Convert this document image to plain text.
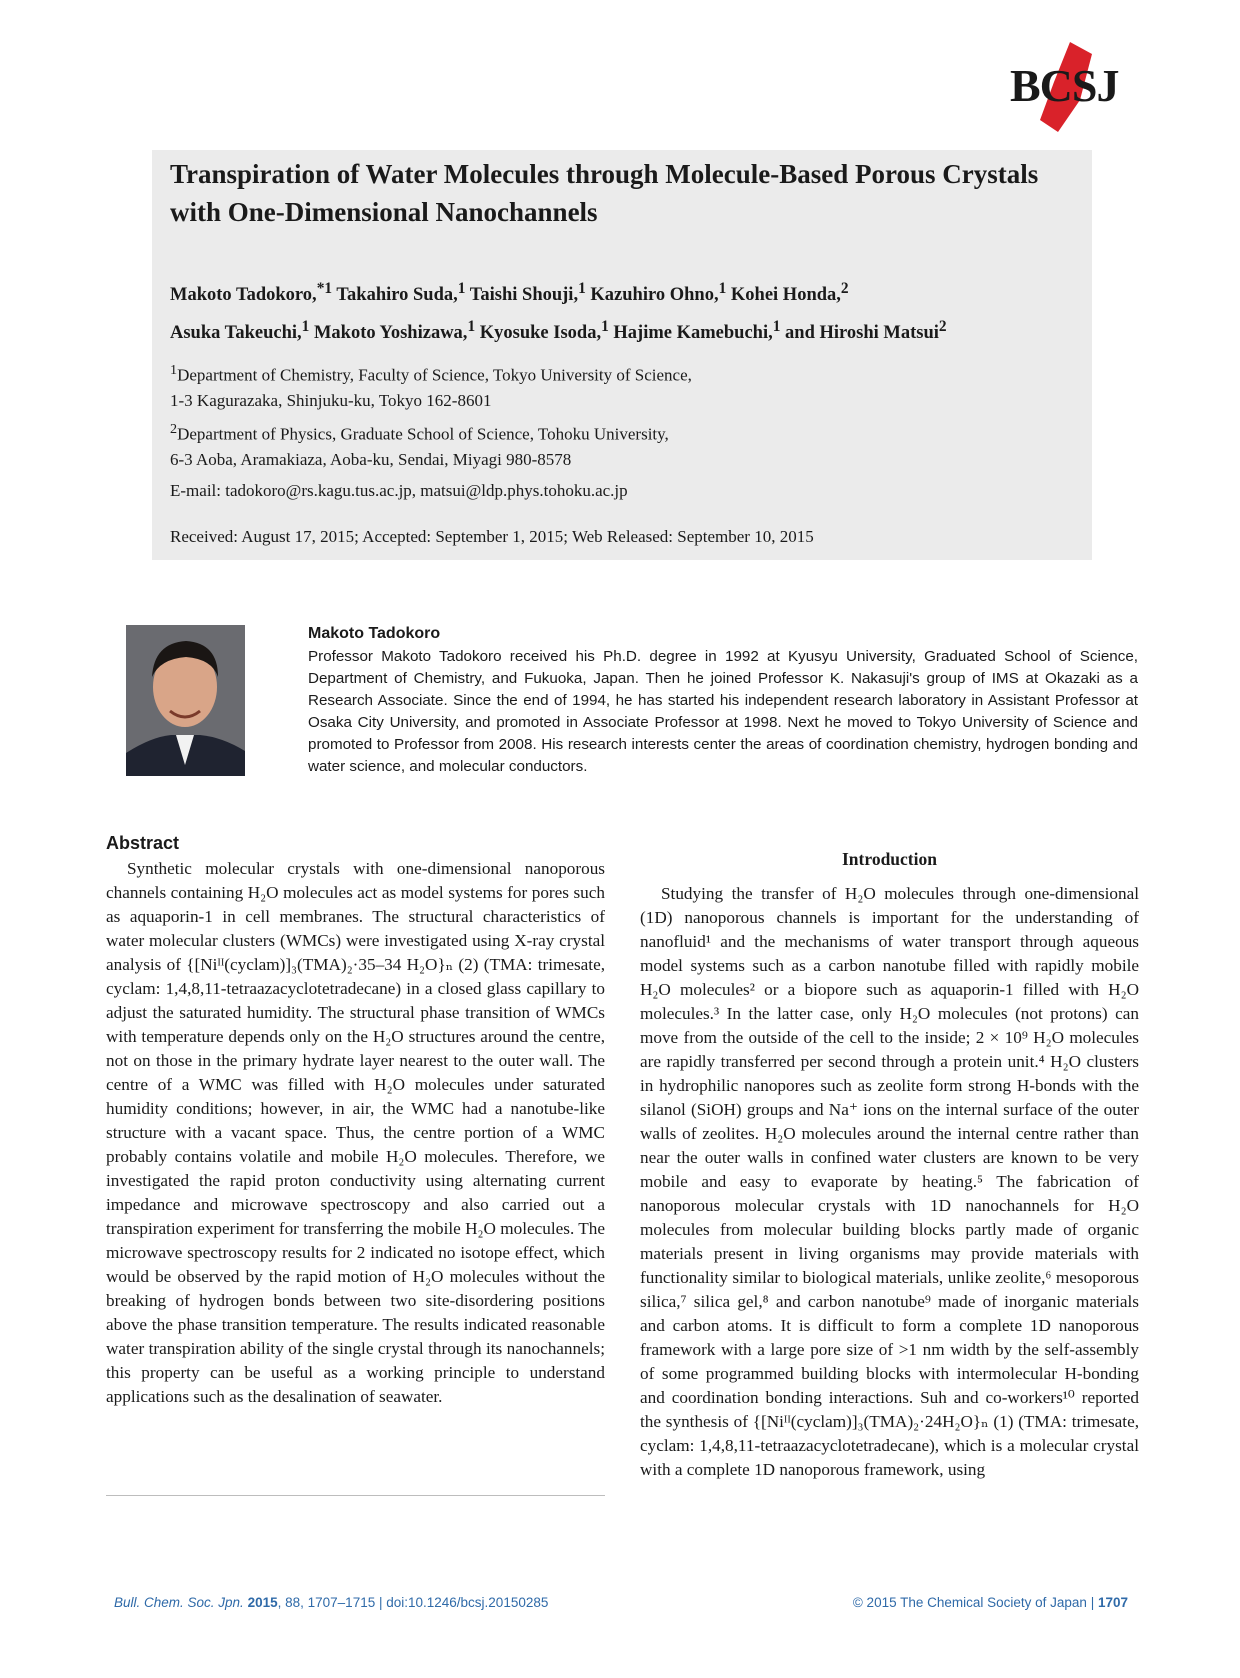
BCSJ
Transpiration of Water Molecules through Molecule-Based Porous Crystals with One-Dimensional Nanochannels
Makoto Tadokoro,$^{*1}$ Takahiro Suda,$^1$ Taishi Shouji,$^1$ Kazuhiro Ohno,$^1$ Kohei Honda,$^2$
Asuka Takeuchi,$^1$ Makoto Yoshizawa,$^1$ Kyosuke Isoda,$^1$ Hajime Kamebuchi,$^1$ and Hiroshi Matsui$^2$
$^1$Department of Chemistry, Faculty of Science, Tokyo University of Science,
1-3 Kagurazaka, Shinjuku-ku, Tokyo 162-8601
$^2$Department of Physics, Graduate School of Science, Tohoku University,
6-3 Aoba, Aramakiaza, Aoba-ku, Sendai, Miyagi 980-8578
E-mail: tadokoro@rs.kagu.tus.ac.jp, matsui@ldp.phys.tohoku.ac.jp
Received: August 17, 2015; Accepted: September 1, 2015; Web Released: September 10, 2015
Makoto Tadokoro
Professor Makoto Tadokoro received his Ph.D. degree in 1992 at Kyusyu University, Graduated School of Science, Department of Chemistry, and Fukuoka, Japan. Then he joined Professor K. Nakasuji's group of IMS at Okazaki as a Research Associate. Since the end of 1994, he has started his independent research laboratory in Assistant Professor at Osaka City University, and promoted in Associate Professor at 1998. Next he moved to Tokyo University of Science and promoted to Professor from 2008. His research interests center the areas of coordination chemistry, hydrogen bonding and water science, and molecular conductors.
Abstract
Synthetic molecular crystals with one-dimensional nanoporous channels containing H₂O molecules act as model systems for pores such as aquaporin-1 in cell membranes. The structural characteristics of water molecular clusters (WMCs) were investigated using X-ray crystal analysis of {[Niᴵᴵ(cyclam)]₃(TMA)₂·35–34 H₂O}ₙ (2) (TMA: trimesate, cyclam: 1,4,8,11-tetraazacyclotetradecane) in a closed glass capillary to adjust the saturated humidity. The structural phase transition of WMCs with temperature depends only on the H₂O structures around the centre, not on those in the primary hydrate layer nearest to the outer wall. The centre of a WMC was filled with H₂O molecules under saturated humidity conditions; however, in air, the WMC had a nanotube-like structure with a vacant space. Thus, the centre portion of a WMC probably contains volatile and mobile H₂O molecules. Therefore, we investigated the rapid proton conductivity using alternating current impedance and microwave spectroscopy and also carried out a transpiration experiment for transferring the mobile H₂O molecules. The microwave spectroscopy results for 2 indicated no isotope effect, which would be observed by the rapid motion of H₂O molecules without the breaking of hydrogen bonds between two site-disordering positions above the phase transition temperature. The results indicated reasonable water transpiration ability of the single crystal through its nanochannels; this property can be useful as a working principle to understand applications such as the desalination of seawater.
Introduction
Studying the transfer of H₂O molecules through one-dimensional (1D) nanoporous channels is important for the understanding of nanofluid¹ and the mechanisms of water transport through aqueous model systems such as a carbon nanotube filled with rapidly mobile H₂O molecules² or a biopore such as aquaporin-1 filled with H₂O molecules.³ In the latter case, only H₂O molecules (not protons) can move from the outside of the cell to the inside; 2 × 10⁹ H₂O molecules are rapidly transferred per second through a protein unit.⁴ H₂O clusters in hydrophilic nanopores such as zeolite form strong H-bonds with the silanol (SiOH) groups and Na⁺ ions on the internal surface of the outer walls of zeolites. H₂O molecules around the internal centre rather than near the outer walls in confined water clusters are known to be very mobile and easy to evaporate by heating.⁵ The fabrication of nanoporous molecular crystals with 1D nanochannels for H₂O molecules from molecular building blocks partly made of organic materials present in living organisms may provide materials with functionality similar to biological materials, unlike zeolite,⁶ mesoporous silica,⁷ silica gel,⁸ and carbon nanotube⁹ made of inorganic materials and carbon atoms. It is difficult to form a complete 1D nanoporous framework with a large pore size of >1 nm width by the self-assembly of some programmed building blocks with intermolecular H-bonding and coordination bonding interactions. Suh and co-workers¹⁰ reported the synthesis of {[Niᴵᴵ(cyclam)]₃(TMA)₂·24H₂O}ₙ (1) (TMA: trimesate, cyclam: 1,4,8,11-tetraazacyclotetradecane), which is a molecular crystal with a complete 1D nanoporous framework, using
Bull. Chem. Soc. Jpn. 2015, 88, 1707–1715 | doi:10.1246/bcsj.20150285	© 2015 The Chemical Society of Japan | 1707
